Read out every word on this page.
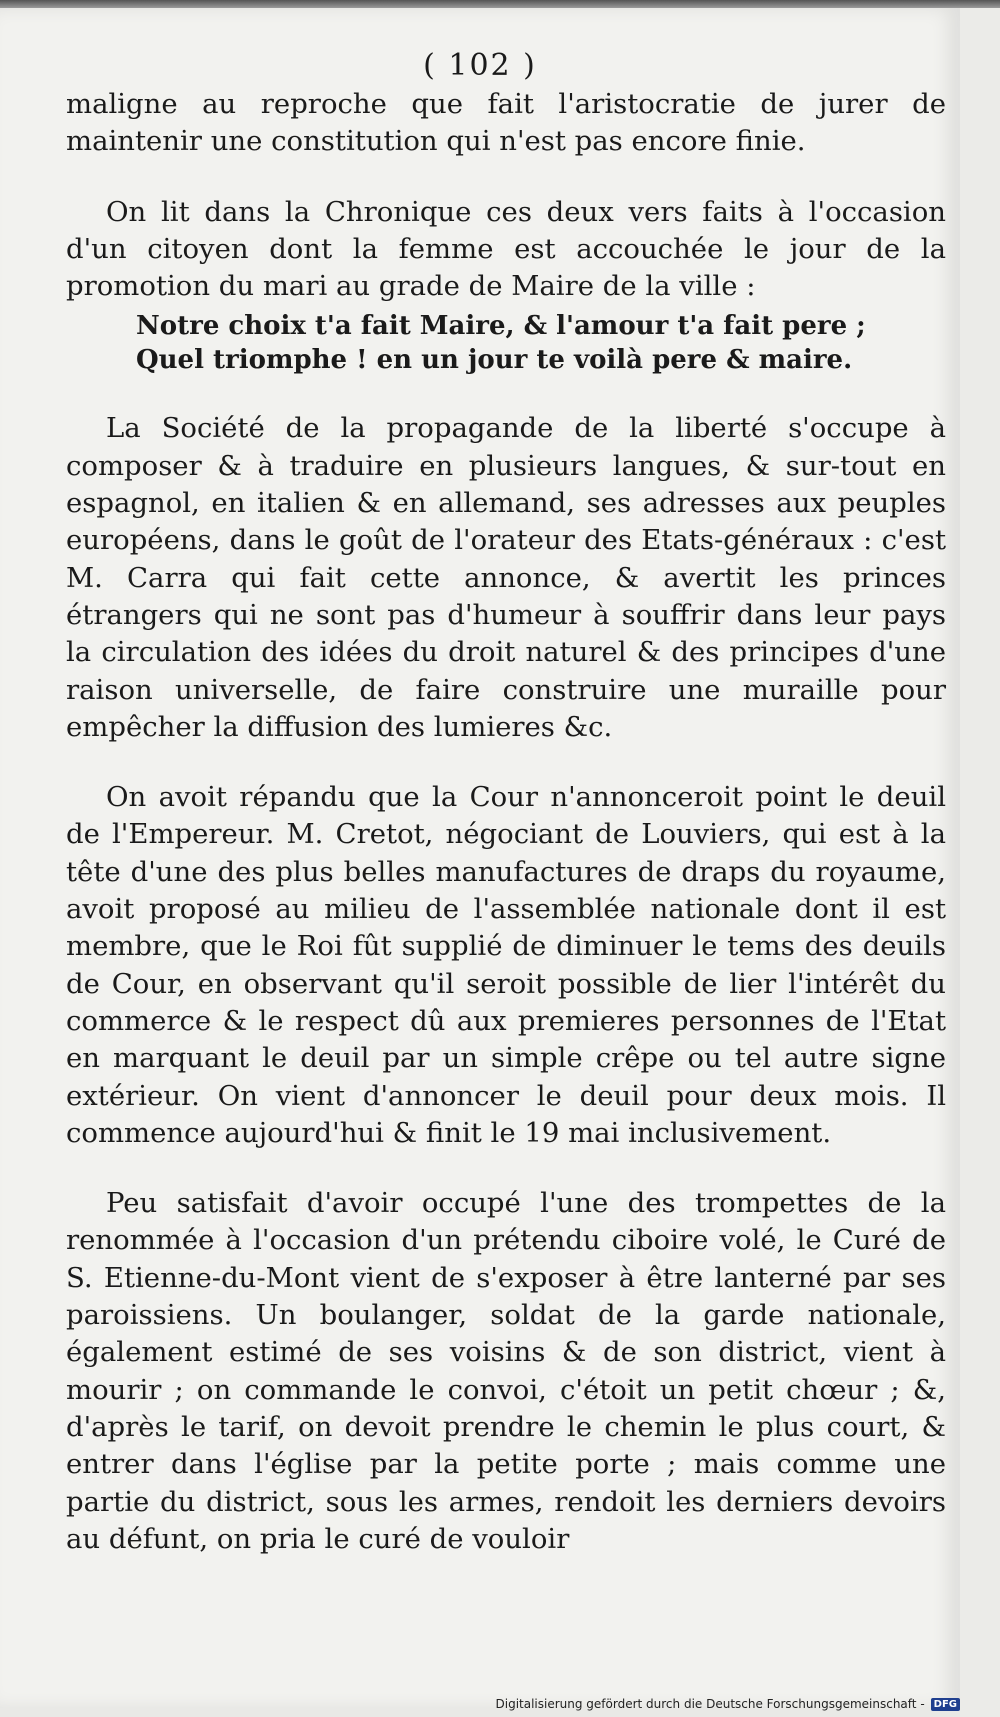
( 102 )

maligne au reproche que fait l'aristocratie de jurer de maintenir une constitution qui n'est pas encore finie.

On lit dans la Chronique ces deux vers faits à l'occasion d'un citoyen dont la femme est accouchée le jour de la promotion du mari au grade de Maire de la ville :

Notre choix t'a fait Maire, & l'amour t'a fait pere ;
Quel triomphe ! en un jour te voilà pere & maire.

La Société de la propagande de la liberté s'occupe à composer & à traduire en plusieurs langues, & sur-tout en espagnol, en italien & en allemand, ses adresses aux peuples européens, dans le goût de l'orateur des Etats-généraux : c'est M. Carra qui fait cette annonce, & avertit les princes étrangers qui ne sont pas d'humeur à souffrir dans leur pays la circulation des idées du droit naturel & des principes d'une raison universelle, de faire construire une muraille pour empêcher la diffusion des lumieres &c.

On avoit répandu que la Cour n'annonceroit point le deuil de l'Empereur. M. Cretot, négociant de Louviers, qui est à la tête d'une des plus belles manufactures de draps du royaume, avoit proposé au milieu de l'assemblée nationale dont il est membre, que le Roi fût supplié de diminuer le tems des deuils de Cour, en observant qu'il seroit possible de lier l'intérêt du commerce & le respect dû aux premieres personnes de l'Etat en marquant le deuil par un simple crêpe ou tel autre signe extérieur. On vient d'annoncer le deuil pour deux mois. Il commence aujourd'hui & finit le 19 mai inclusivement.

Peu satisfait d'avoir occupé l'une des trompettes de la renommée à l'occasion d'un prétendu ciboire volé, le Curé de S. Etienne-du-Mont vient de s'exposer à être lanterné par ses paroissiens. Un boulanger, soldat de la garde nationale, également estimé de ses voisins & de son district, vient à mourir ; on commande le convoi, c'étoit un petit chœur ; &, d'après le tarif, on devoit prendre le chemin le plus court, & entrer dans l'église par la petite porte ; mais comme une partie du district, sous les armes, rendoit les derniers devoirs au défunt, on pria le curé de vouloir

Digitalisierung gefördert durch die Deutsche Forschungsgemeinschaft - DFG
